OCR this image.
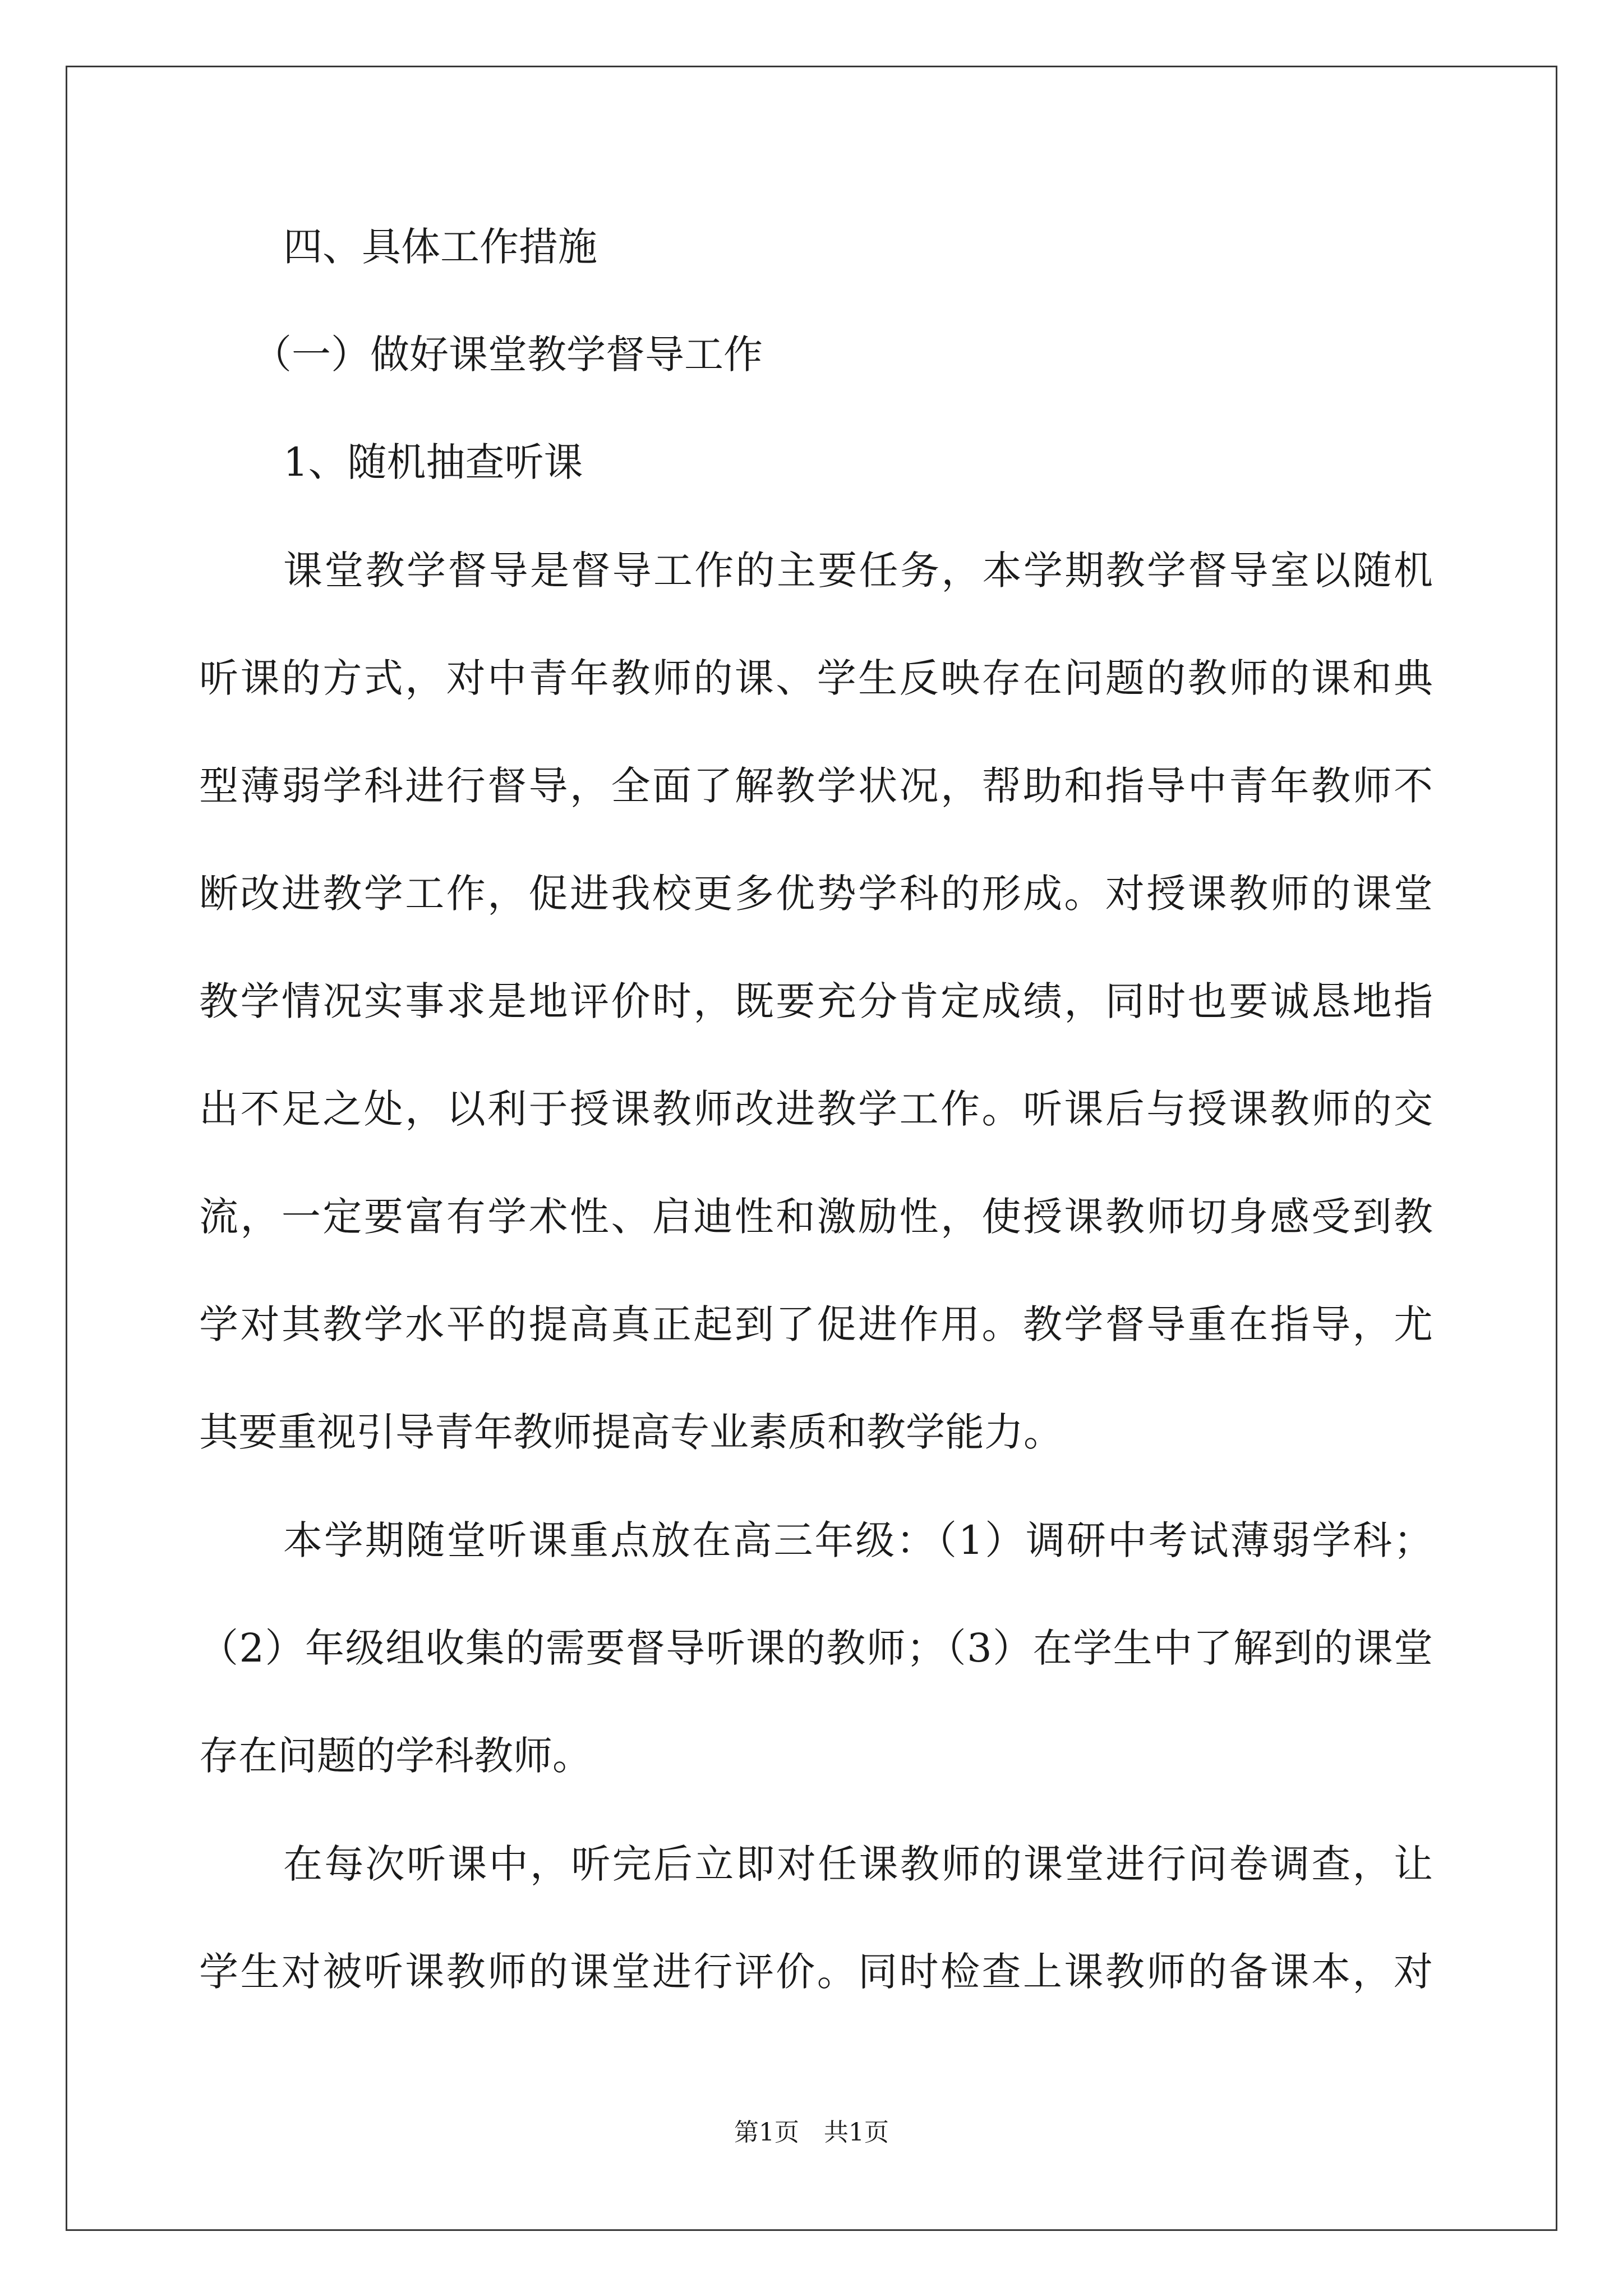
四、具体工作措施
（一）做好课堂教学督导工作
1、随机抽查听课
课堂教学督导是督导工作的主要任务，本学期教学督导室以随机
听课的方式，对中青年教师的课、学生反映存在问题的教师的课和典
型薄弱学科进行督导，全面了解教学状况，帮助和指导中青年教师不
断改进教学工作，促进我校更多优势学科的形成。对授课教师的课堂
教学情况实事求是地评价时，既要充分肯定成绩，同时也要诚恳地指
出不足之处，以利于授课教师改进教学工作。听课后与授课教师的交
流，一定要富有学术性、启迪性和激励性，使授课教师切身感受到教
学对其教学水平的提高真正起到了促进作用。教学督导重在指导，尤
其要重视引导青年教师提高专业素质和教学能力。
本学期随堂听课重点放在高三年级：（1）调研中考试薄弱学科；
（2）年级组收集的需要督导听课的教师；（3）在学生中了解到的课堂
存在问题的学科教师。
在每次听课中，听完后立即对任课教师的课堂进行问卷调查，让
学生对被听课教师的课堂进行评价。同时检查上课教师的备课本，对
第1页　共1页
